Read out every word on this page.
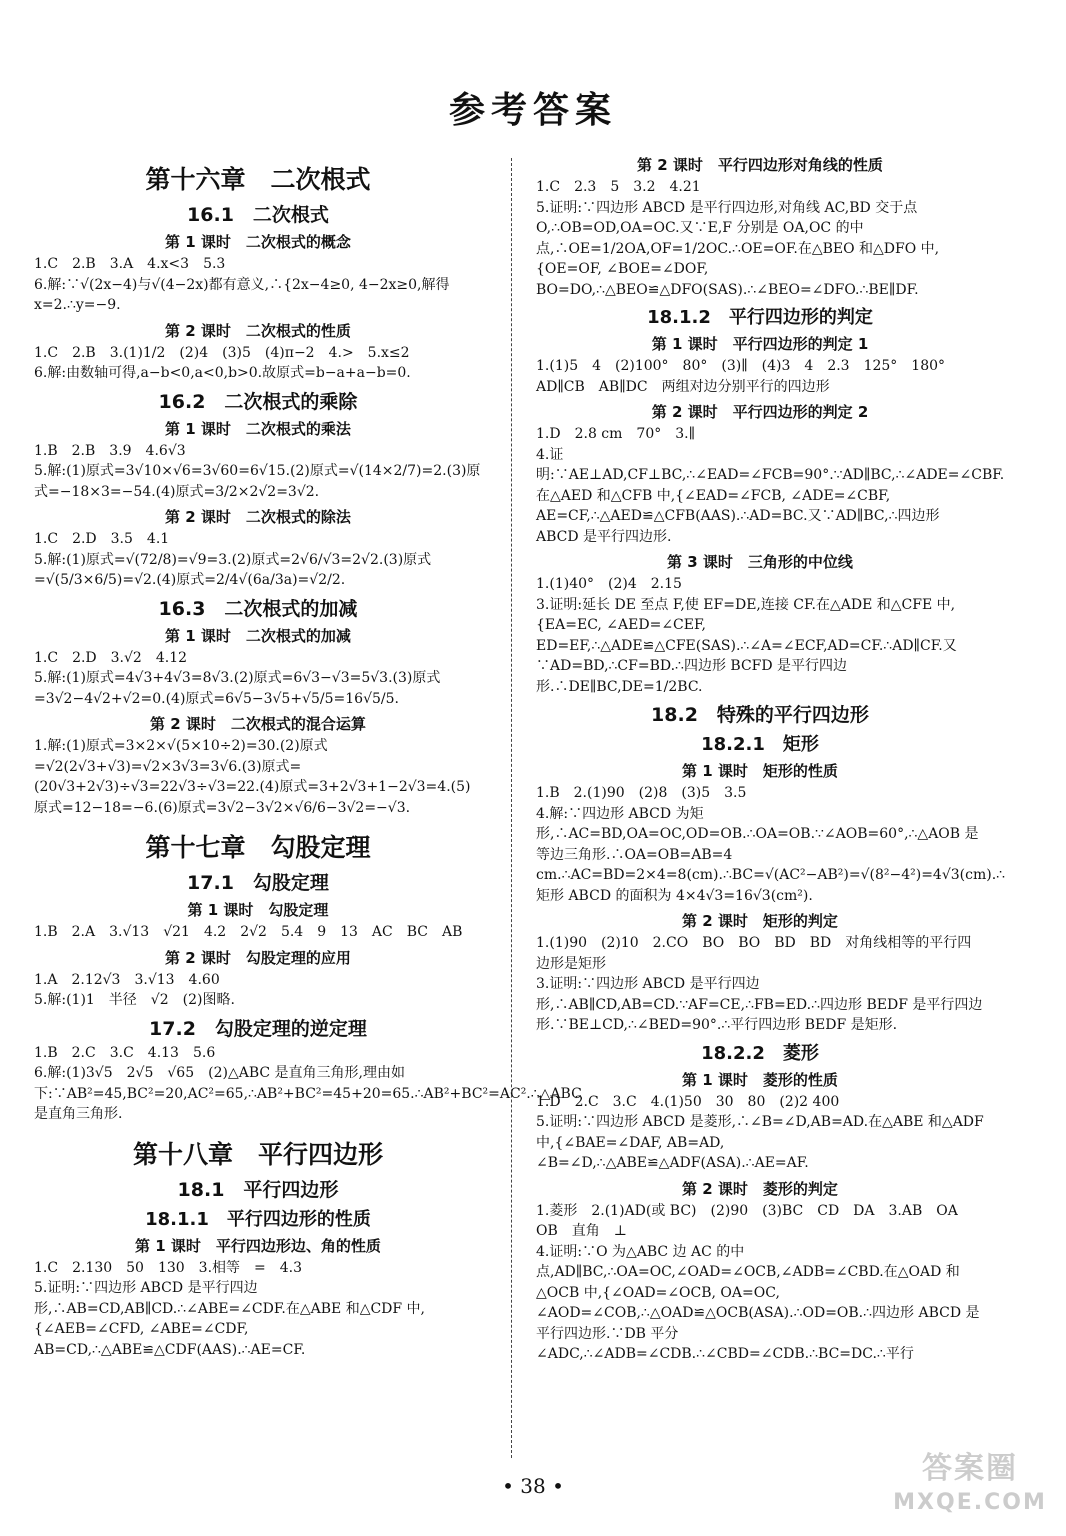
参考答案
第十六章　二次根式
16.1　二次根式
第 1 课时　二次根式的概念
1.C　2.B　3.A　4.x<3　5.3
6.解:∵√(2x−4)与√(4−2x)都有意义,∴{2x−4≥0, 4−2x≥0,解得 x=2.∴y=−9.
第 2 课时　二次根式的性质
1.C　2.B　3.(1)1/2　(2)4　(3)5　(4)π−2　4.>　5.x≤2
6.解:由数轴可得,a−b<0,a<0,b>0.故原式=b−a+a−b=0.
16.2　二次根式的乘除
第 1 课时　二次根式的乘法
1.B　2.B　3.9　4.6√3
5.解:(1)原式=3√10×√6=3√60=6√15.(2)原式=√(14×2/7)=2.(3)原式=−18×3=−54.(4)原式=3/2×2√2=3√2.
第 2 课时　二次根式的除法
1.C　2.D　3.5　4.1
5.解:(1)原式=√(72/8)=√9=3.(2)原式=2√6/√3=2√2.(3)原式=√(5/3×6/5)=√2.(4)原式=2/4√(6a/3a)=√2/2.
16.3　二次根式的加减
第 1 课时　二次根式的加减
1.C　2.D　3.√2　4.12
5.解:(1)原式=4√3+4√3=8√3.(2)原式=6√3−√3=5√3.(3)原式=3√2−4√2+√2=0.(4)原式=6√5−3√5+√5/5=16√5/5.
第 2 课时　二次根式的混合运算
1.解:(1)原式=3×2×√(5×10÷2)=30.(2)原式=√2(2√3+√3)=√2×3√3=3√6.(3)原式=(20√3+2√3)÷√3=22√3÷√3=22.(4)原式=3+2√3+1−2√3=4.(5)原式=12−18=−6.(6)原式=3√2−3√2×√6/6−3√2=−√3.
第十七章　勾股定理
17.1　勾股定理
第 1 课时　勾股定理
1.B　2.A　3.√13　√21　4.2　2√2　5.4　9　13　AC　BC　AB
第 2 课时　勾股定理的应用
1.A　2.12√3　3.√13　4.60
5.解:(1)1　半径　√2　(2)图略.
17.2　勾股定理的逆定理
1.B　2.C　3.C　4.13　5.6
6.解:(1)3√5　2√5　√65　(2)△ABC 是直角三角形,理由如下:∵AB²=45,BC²=20,AC²=65,∴AB²+BC²=45+20=65.∴AB²+BC²=AC².∴△ABC 是直角三角形.
第十八章　平行四边形
18.1　平行四边形
18.1.1　平行四边形的性质
第 1 课时　平行四边形边、角的性质
1.C　2.130　50　130　3.相等　=　4.3
5.证明:∵四边形 ABCD 是平行四边形,∴AB=CD,AB∥CD.∴∠ABE=∠CDF.在△ABE 和△CDF 中,{∠AEB=∠CFD, ∠ABE=∠CDF, AB=CD,∴△ABE≌△CDF(AAS).∴AE=CF.
第 2 课时　平行四边形对角线的性质
1.C　2.3　5　3.2　4.21
5.证明:∵四边形 ABCD 是平行四边形,对角线 AC,BD 交于点 O,∴OB=OD,OA=OC.又∵E,F 分别是 OA,OC 的中点,∴OE=1/2OA,OF=1/2OC.∴OE=OF.在△BEO 和△DFO 中,{OE=OF, ∠BOE=∠DOF, BO=DO,∴△BEO≌△DFO(SAS).∴∠BEO=∠DFO.∴BE∥DF.
18.1.2　平行四边形的判定
第 1 课时　平行四边形的判定 1
1.(1)5　4　(2)100°　80°　(3)∥　(4)3　4　2.3　125°　180°　AD∥CB　AB∥DC　两组对边分别平行的四边形
第 2 课时　平行四边形的判定 2
1.D　2.8 cm　70°　3.∥
4.证明:∵AE⊥AD,CF⊥BC,∴∠EAD=∠FCB=90°.∵AD∥BC,∴∠ADE=∠CBF.在△AED 和△CFB 中,{∠EAD=∠FCB, ∠ADE=∠CBF, AE=CF,∴△AED≌△CFB(AAS).∴AD=BC.又∵AD∥BC,∴四边形 ABCD 是平行四边形.
第 3 课时　三角形的中位线
1.(1)40°　(2)4　2.15
3.证明:延长 DE 至点 F,使 EF=DE,连接 CF.在△ADE 和△CFE 中,{EA=EC, ∠AED=∠CEF, ED=EF,∴△ADE≌△CFE(SAS).∴∠A=∠ECF,AD=CF.∴AD∥CF.又∵AD=BD,∴CF=BD.∴四边形 BCFD 是平行四边形.∴DE∥BC,DE=1/2BC.
18.2　特殊的平行四边形
18.2.1　矩形
第 1 课时　矩形的性质
1.B　2.(1)90　(2)8　(3)5　3.5
4.解:∵四边形 ABCD 为矩形,∴AC=BD,OA=OC,OD=OB.∴OA=OB.∵∠AOB=60°,∴△AOB 是等边三角形.∴OA=OB=AB=4 cm.∴AC=BD=2×4=8(cm).∴BC=√(AC²−AB²)=√(8²−4²)=4√3(cm).∴矩形 ABCD 的面积为 4×4√3=16√3(cm²).
第 2 课时　矩形的判定
1.(1)90　(2)10　2.CO　BO　BO　BD　BD　对角线相等的平行四边形是矩形
3.证明:∵四边形 ABCD 是平行四边形,∴AB∥CD,AB=CD.∵AF=CE,∴FB=ED.∴四边形 BEDF 是平行四边形.∵BE⊥CD,∴∠BED=90°.∴平行四边形 BEDF 是矩形.
18.2.2　菱形
第 1 课时　菱形的性质
1.D　2.C　3.C　4.(1)50　30　80　(2)2 400
5.证明:∵四边形 ABCD 是菱形,∴∠B=∠D,AB=AD.在△ABE 和△ADF 中,{∠BAE=∠DAF, AB=AD, ∠B=∠D,∴△ABE≌△ADF(ASA).∴AE=AF.
第 2 课时　菱形的判定
1.菱形　2.(1)AD(或 BC)　(2)90　(3)BC　CD　DA　3.AB　OA　OB　直角　⊥
4.证明:∵O 为△ABC 边 AC 的中点,AD∥BC,∴OA=OC,∠OAD=∠OCB,∠ADB=∠CBD.在△OAD 和△OCB 中,{∠OAD=∠OCB, OA=OC, ∠AOD=∠COB,∴△OAD≌△OCB(ASA).∴OD=OB.∴四边形 ABCD 是平行四边形.∵DB 平分∠ADC,∴∠ADB=∠CDB.∴∠CBD=∠CDB.∴BC=DC.∴平行
• 38 •	答案圈
MXQE.COM
